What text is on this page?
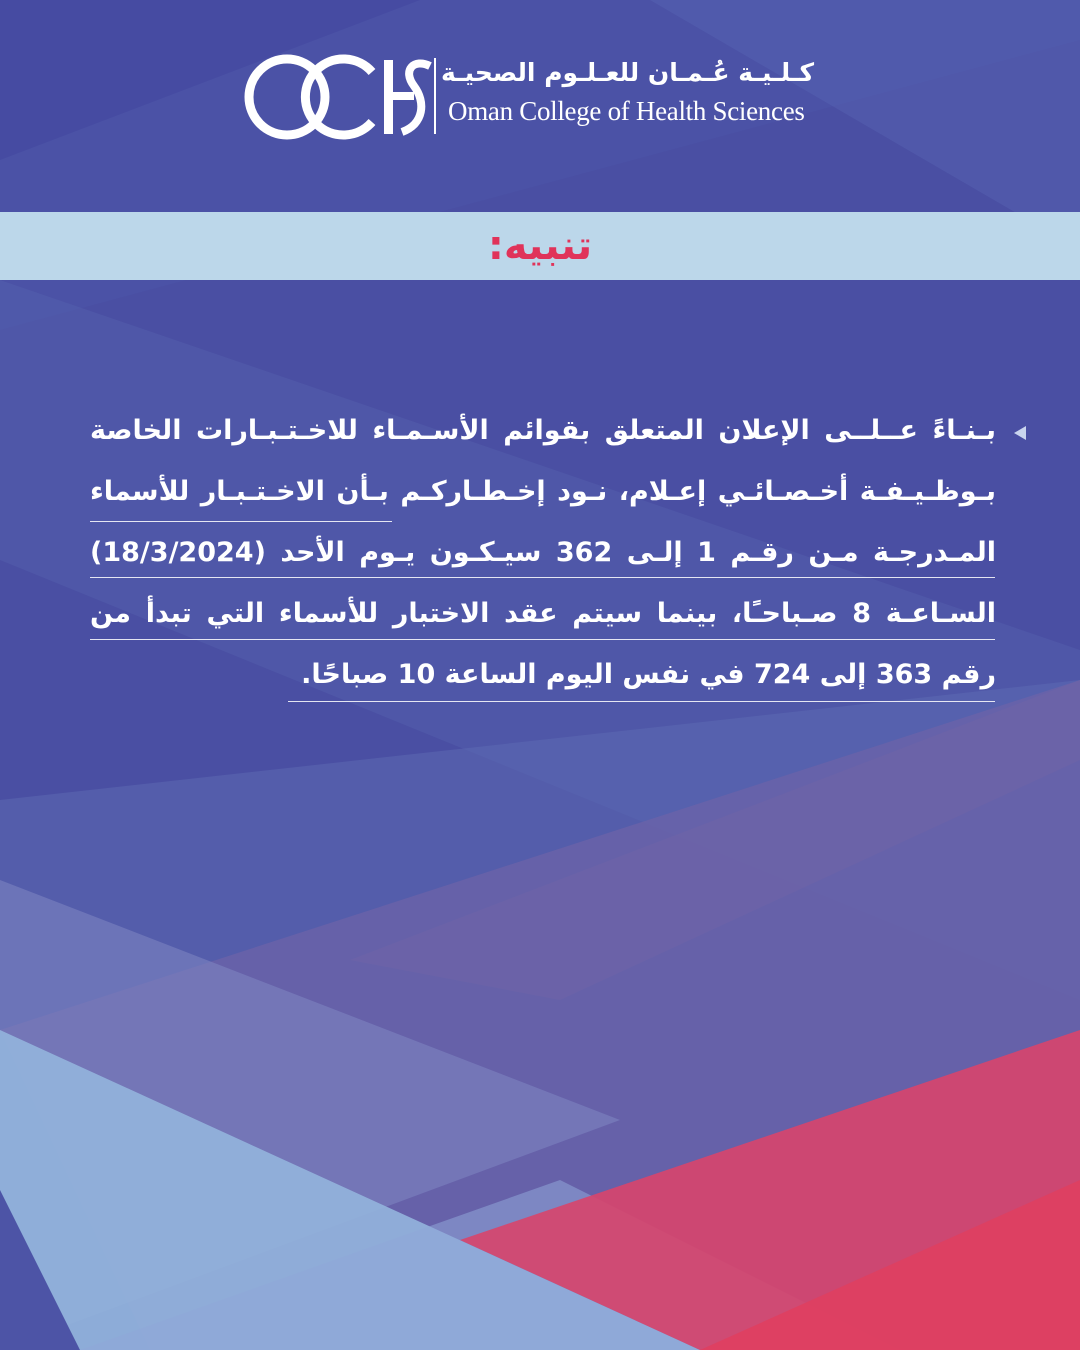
كـلـيـة عُـمـان للعـلـوم الصحيـة
Oman College of Health Sciences
تنبيه:
بـنـاءً عــلــى الإعلان المتعلق بقوائم الأسـمـاء للاخـتـبـارات الخاصة
بـوظـيـفـة أخـصـائـي إعـلام، نـود إخـطـاركـم بـأن الاخـتـبـار للأسماء
المـدرجـة مـن رقـم 1 إلـى 362 سيـكـون يـوم الأحد (18/3/2024)
السـاعـة 8 صـباحـًا، بينما سيتم عقد الاختبار للأسماء التي تبدأ من
رقم 363 إلى 724 في نفس اليوم الساعة 10 صباحًا.
